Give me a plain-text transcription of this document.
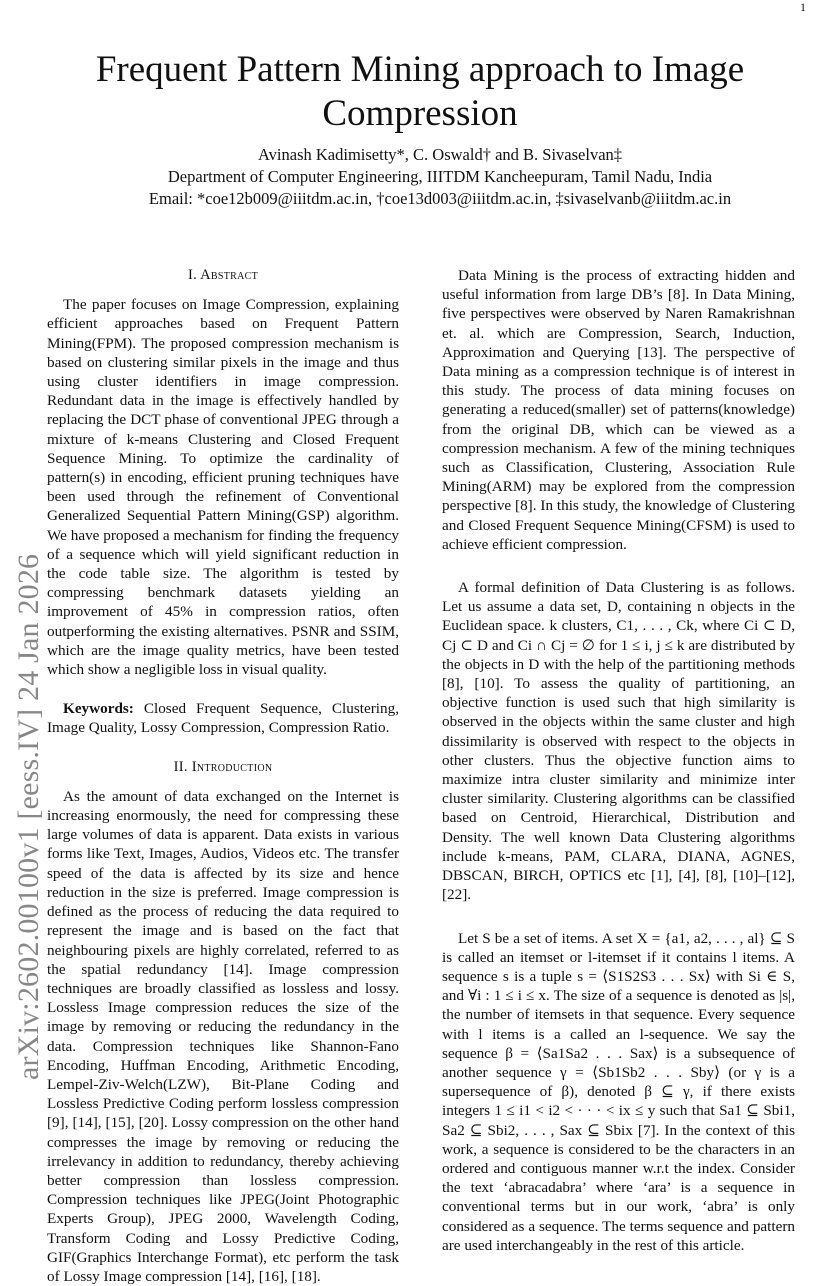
1
arXiv:2602.00100v1 [eess.IV] 24 Jan 2026
Frequent Pattern Mining approach to Image Compression
Avinash Kadimisetty*, C. Oswald† and B. Sivaselvan‡
Department of Computer Engineering, IIITDM Kancheepuram, Tamil Nadu, India
Email: *coe12b009@iiitdm.ac.in, †coe13d003@iiitdm.ac.in, ‡sivaselvanb@iiitdm.ac.in
I. Abstract

The paper focuses on Image Compression, explaining efficient approaches based on Frequent Pattern Mining(FPM). The proposed compression mechanism is based on clustering similar pixels in the image and thus using cluster identifiers in image compression. Redundant data in the image is effectively handled by replacing the DCT phase of conventional JPEG through a mixture of k-means Clustering and Closed Frequent Sequence Mining. To optimize the cardinality of pattern(s) in encoding, efficient pruning techniques have been used through the refinement of Conventional Generalized Sequential Pattern Mining(GSP) algorithm. We have proposed a mechanism for finding the frequency of a sequence which will yield significant reduction in the code table size. The algorithm is tested by compressing benchmark datasets yielding an improvement of 45% in compression ratios, often outperforming the existing alternatives. PSNR and SSIM, which are the image quality metrics, have been tested which show a negligible loss in visual quality.

Keywords: Closed Frequent Sequence, Clustering, Image Quality, Lossy Compression, Compression Ratio.

II. Introduction

As the amount of data exchanged on the Internet is increasing enormously, the need for compressing these large volumes of data is apparent. Data exists in various forms like Text, Images, Audios, Videos etc. The transfer speed of the data is affected by its size and hence reduction in the size is preferred. Image compression is defined as the process of reducing the data required to represent the image and is based on the fact that neighbouring pixels are highly correlated, referred to as the spatial redundancy [14]. Image compression techniques are broadly classified as lossless and lossy. Lossless Image compression reduces the size of the image by removing or reducing the redundancy in the data. Compression techniques like Shannon-Fano Encoding, Huffman Encoding, Arithmetic Encoding, Lempel-Ziv-Welch(LZW), Bit-Plane Coding and Lossless Predictive Coding perform lossless compression [9], [14], [15], [20]. Lossy compression on the other hand compresses the image by removing or reducing the irrelevancy in addition to redundancy, thereby achieving better compression than lossless compression. Compression techniques like JPEG(Joint Photographic Experts Group), JPEG 2000, Wavelength Coding, Transform Coding and Lossy Predictive Coding, GIF(Graphics Interchange Format), etc perform the task of Lossy Image compression [14], [16], [18].

Data Mining is the process of extracting hidden and useful information from large DB’s [8]. In Data Mining, five perspectives were observed by Naren Ramakrishnan et. al. which are Compression, Search, Induction, Approximation and Querying [13]. The perspective of Data mining as a compression technique is of interest in this study. The process of data mining focuses on generating a reduced(smaller) set of patterns(knowledge) from the original DB, which can be viewed as a compression mechanism. A few of the mining techniques such as Classification, Clustering, Association Rule Mining(ARM) may be explored from the compression perspective [8]. In this study, the knowledge of Clustering and Closed Frequent Sequence Mining(CFSM) is used to achieve efficient compression.

A formal definition of Data Clustering is as follows. Let us assume a data set, D, containing n objects in the Euclidean space. k clusters, C1, . . . , Ck, where Ci ⊂ D, Cj ⊂ D and Ci ∩ Cj = ∅ for 1 ≤ i, j ≤ k are distributed by the objects in D with the help of the partitioning methods [8], [10]. To assess the quality of partitioning, an objective function is used such that high similarity is observed in the objects within the same cluster and high dissimilarity is observed with respect to the objects in other clusters. Thus the objective function aims to maximize intra cluster similarity and minimize inter cluster similarity. Clustering algorithms can be classified based on Centroid, Hierarchical, Distribution and Density. The well known Data Clustering algorithms include k-means, PAM, CLARA, DIANA, AGNES, DBSCAN, BIRCH, OPTICS etc [1], [4], [8], [10]–[12], [22].

Let S be a set of items. A set X = {a1, a2, . . . , al} ⊆ S is called an itemset or l-itemset if it contains l items. A sequence s is a tuple s = ⟨S1S2S3 . . . Sx⟩ with Si ∈ S, and ∀i : 1 ≤ i ≤ x. The size of a sequence is denoted as |s|, the number of itemsets in that sequence. Every sequence with l items is a called an l-sequence. We say the sequence β = ⟨Sa1Sa2 . . . Sax⟩ is a subsequence of another sequence γ = ⟨Sb1Sb2 . . . Sby⟩ (or γ is a supersequence of β), denoted β ⊆ γ, if there exists integers 1 ≤ i1 < i2 < · · · < ix ≤ y such that Sa1 ⊆ Sbi1, Sa2 ⊆ Sbi2, . . . , Sax ⊆ Sbix [7]. In the context of this work, a sequence is considered to be the characters in an ordered and contiguous manner w.r.t the index. Consider the text ‘abracadabra’ where ‘ara’ is a sequence in conventional terms but in our work, ‘abra’ is only considered as a sequence. The terms sequence and pattern are used interchangeably in the rest of this article.
